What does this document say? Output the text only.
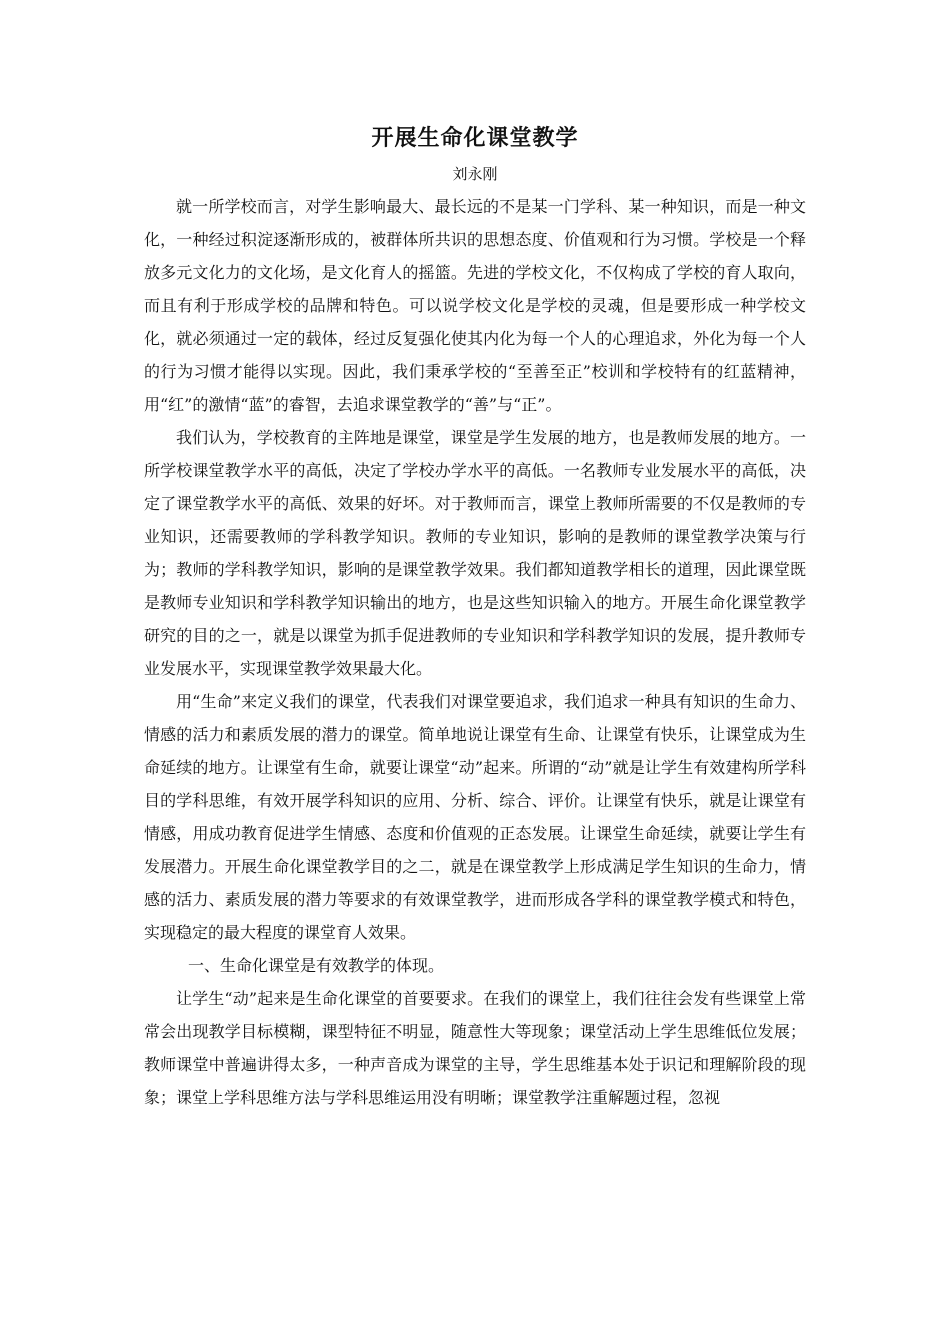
开展生命化课堂教学
刘永刚

就一所学校而言，对学生影响最大、最长远的不是某一门学科、某一种知识，而是一种文化，一种经过积淀逐渐形成的，被群体所共识的思想态度、价值观和行为习惯。学校是一个释放多元文化力的文化场，是文化育人的摇篮。先进的学校文化，不仅构成了学校的育人取向，而且有利于形成学校的品牌和特色。可以说学校文化是学校的灵魂，但是要形成一种学校文化，就必须通过一定的载体，经过反复强化使其内化为每一个人的心理追求，外化为每一个人的行为习惯才能得以实现。因此，我们秉承学校的“至善至正”校训和学校特有的红蓝精神，用“红”的激情“蓝”的睿智，去追求课堂教学的“善”与“正”。

我们认为，学校教育的主阵地是课堂，课堂是学生发展的地方，也是教师发展的地方。一所学校课堂教学水平的高低，决定了学校办学水平的高低。一名教师专业发展水平的高低，决定了课堂教学水平的高低、效果的好坏。对于教师而言，课堂上教师所需要的不仅是教师的专业知识，还需要教师的学科教学知识。教师的专业知识，影响的是教师的课堂教学决策与行为；教师的学科教学知识，影响的是课堂教学效果。我们都知道教学相长的道理，因此课堂既是教师专业知识和学科教学知识输出的地方，也是这些知识输入的地方。开展生命化课堂教学研究的目的之一，就是以课堂为抓手促进教师的专业知识和学科教学知识的发展，提升教师专业发展水平，实现课堂教学效果最大化。

用“生命”来定义我们的课堂，代表我们对课堂要追求，我们追求一种具有知识的生命力、情感的活力和素质发展的潜力的课堂。简单地说让课堂有生命、让课堂有快乐，让课堂成为生命延续的地方。让课堂有生命，就要让课堂“动”起来。所谓的“动”就是让学生有效建构所学科目的学科思维，有效开展学科知识的应用、分析、综合、评价。让课堂有快乐，就是让课堂有情感，用成功教育促进学生情感、态度和价值观的正态发展。让课堂生命延续，就要让学生有发展潜力。开展生命化课堂教学目的之二，就是在课堂教学上形成满足学生知识的生命力，情感的活力、素质发展的潜力等要求的有效课堂教学，进而形成各学科的课堂教学模式和特色，实现稳定的最大程度的课堂育人效果。

一、生命化课堂是有效教学的体现。

让学生“动”起来是生命化课堂的首要要求。在我们的课堂上，我们往往会发有些课堂上常常会出现教学目标模糊，课型特征不明显，随意性大等现象；课堂活动上学生思维低位发展；教师课堂中普遍讲得太多，一种声音成为课堂的主导，学生思维基本处于识记和理解阶段的现象；课堂上学科思维方法与学科思维运用没有明晰；课堂教学注重解题过程，忽视
